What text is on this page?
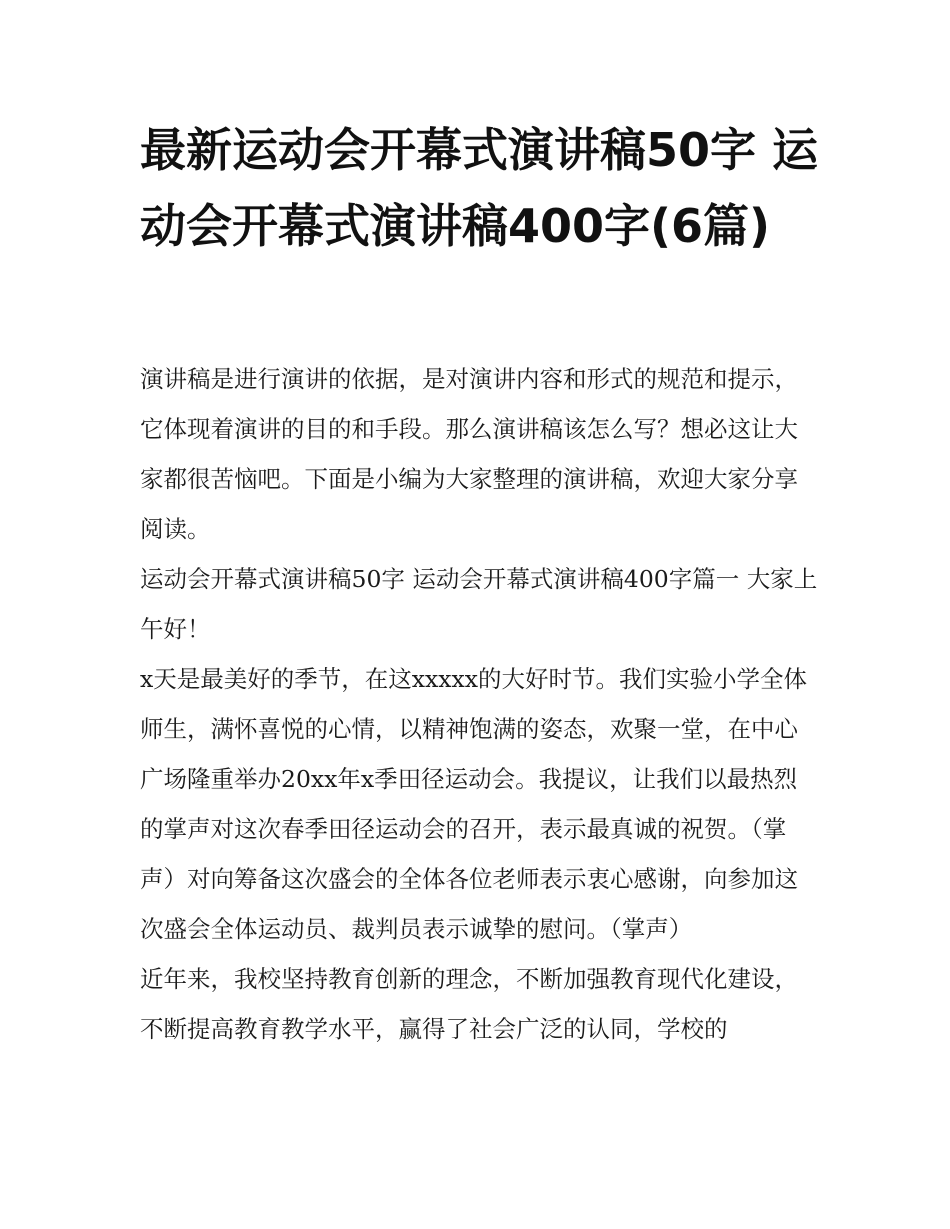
最新运动会开幕式演讲稿50字 运动会开幕式演讲稿400字(6篇)

演讲稿是进行演讲的依据，是对演讲内容和形式的规范和提示，它体现着演讲的目的和手段。那么演讲稿该怎么写？想必这让大家都很苦恼吧。下面是小编为大家整理的演讲稿，欢迎大家分享阅读。

运动会开幕式演讲稿50字 运动会开幕式演讲稿400字篇一 大家上午好！

x天是最美好的季节，在这xxxxx的大好时节。我们实验小学全体师生，满怀喜悦的心情，以精神饱满的姿态，欢聚一堂，在中心广场隆重举办20xx年x季田径运动会。我提议，让我们以最热烈的掌声对这次春季田径运动会的召开，表示最真诚的祝贺。（掌声）对向筹备这次盛会的全体各位老师表示衷心感谢，向参加这次盛会全体运动员、裁判员表示诚挚的慰问。（掌声）

近年来，我校坚持教育创新的理念，不断加强教育现代化建设，不断提高教育教学水平，赢得了社会广泛的认同，学校的
